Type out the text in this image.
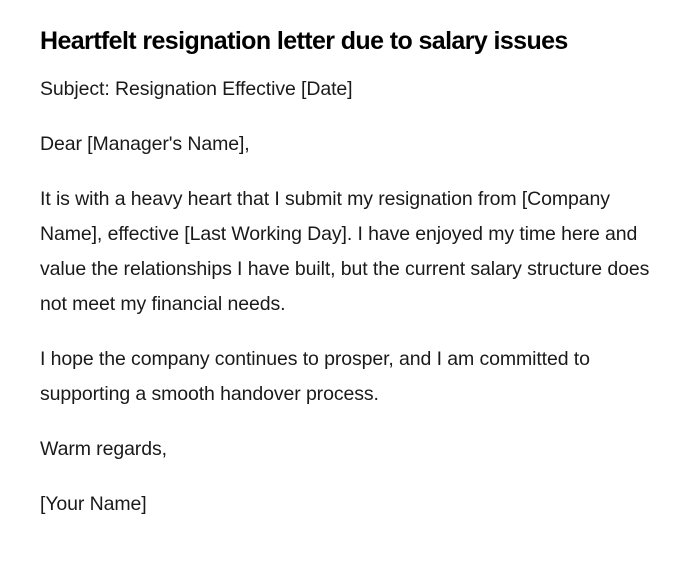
Heartfelt resignation letter due to salary issues

Subject: Resignation Effective [Date]

Dear [Manager's Name],

It is with a heavy heart that I submit my resignation from [Company Name], effective [Last Working Day]. I have enjoyed my time here and value the relationships I have built, but the current salary structure does not meet my financial needs.

I hope the company continues to prosper, and I am committed to supporting a smooth handover process.

Warm regards,

[Your Name]
